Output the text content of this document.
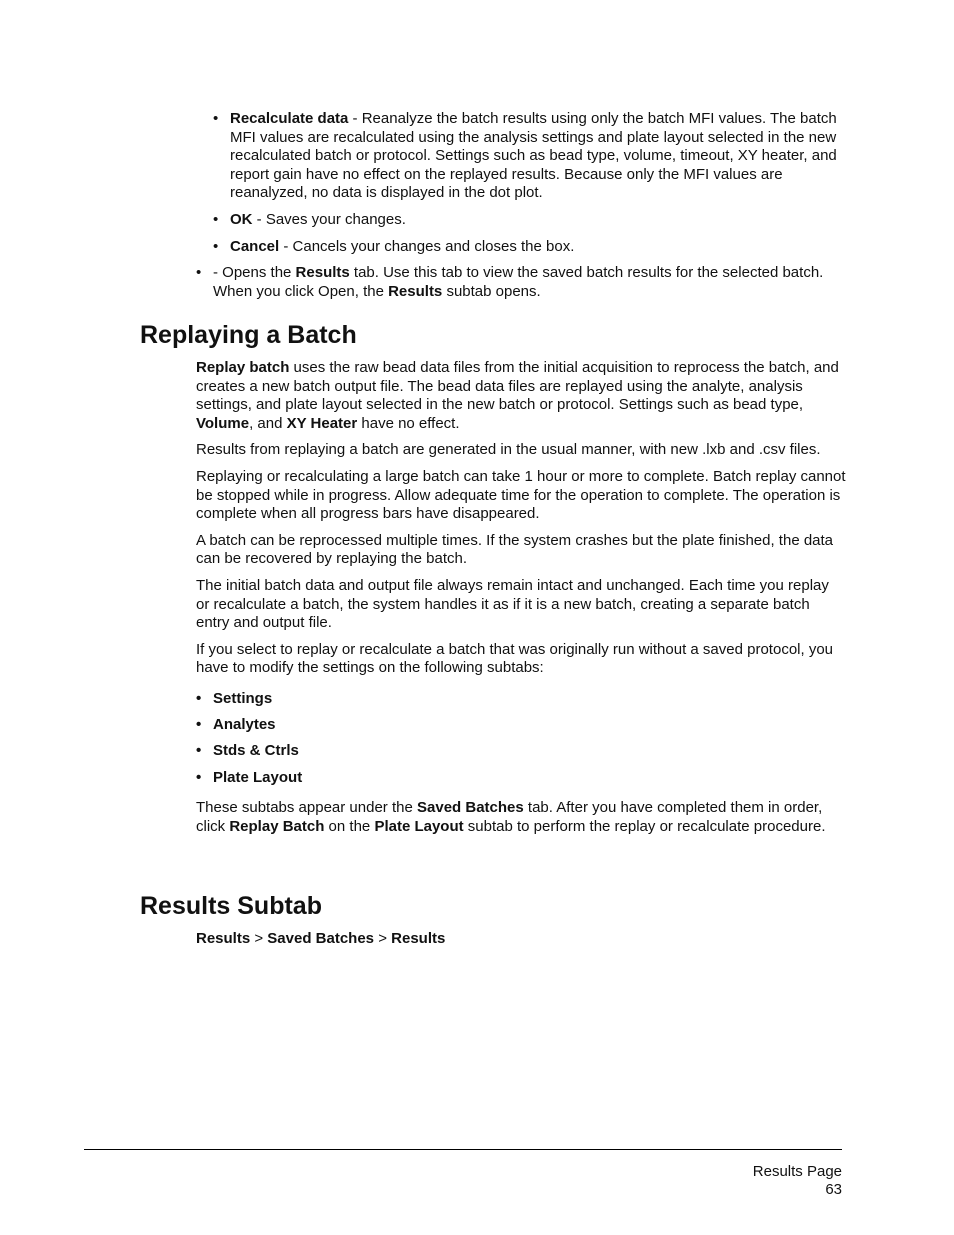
• Recalculate data - Reanalyze the batch results using only the batch MFI values. The batch MFI values are recalculated using the analysis settings and plate layout selected in the new recalculated batch or protocol. Settings such as bead type, volume, timeout, XY heater, and report gain have no effect on the replayed results. Because only the MFI values are reanalyzed, no data is displayed in the dot plot.
• OK - Saves your changes.
• Cancel - Cancels your changes and closes the box.
• - Opens the Results tab. Use this tab to view the saved batch results for the selected batch. When you click Open, the Results subtab opens.
Replaying a Batch

Replay batch uses the raw bead data files from the initial acquisition to reprocess the batch, and creates a new batch output file. The bead data files are replayed using the analyte, analysis settings, and plate layout selected in the new batch or protocol. Settings such as bead type, Volume, and XY Heater have no effect.

Results from replaying a batch are generated in the usual manner, with new .lxb and .csv files.

Replaying or recalculating a large batch can take 1 hour or more to complete. Batch replay cannot be stopped while in progress. Allow adequate time for the operation to complete. The operation is complete when all progress bars have disappeared.

A batch can be reprocessed multiple times. If the system crashes but the plate finished, the data can be recovered by replaying the batch.

The initial batch data and output file always remain intact and unchanged. Each time you replay or recalculate a batch, the system handles it as if it is a new batch, creating a separate batch entry and output file.

If you select to replay or recalculate a batch that was originally run without a saved protocol, you have to modify the settings on the following subtabs:

• Settings
• Analytes
• Stds & Ctrls
• Plate Layout

These subtabs appear under the Saved Batches tab. After you have completed them in order, click Replay Batch on the Plate Layout subtab to perform the replay or recalculate procedure.

Results Subtab

Results > Saved Batches > Results

Results Page
63
